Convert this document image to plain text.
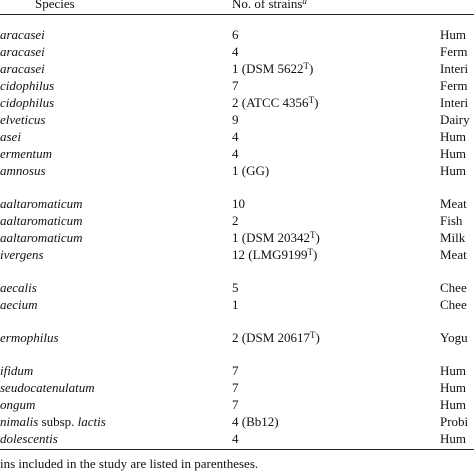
Species	No. of strains$^a$
aracasei	6	Hum
aracasei	4	Ferm
aracasei	1 (DSM $5622^T$)	Interi
cidophilus	7	Ferm
cidophilus	2 (ATCC $4356^T$)	Interi
elveticus	9	Dairy
asei	4	Hum
ermentum	4	Hum
amnosus	1 (GG)	Hum
aaltaromaticum	10	Meat
aaltaromaticum	2	Fish
aaltaromaticum	1 (DSM $20342^T$)	Milk
ivergens	12 $(LMG9199^T)$	Meat
aecalis	5	Chee
aecium	1	Chee
ermophilus	2 (DSM $20617^T$)	Yogu
ifidum	7	Hum
seudocatenulatum	7	Hum
ongum	7	Hum
nimalis subsp. lactis	4 (Bb12)	Probi
dolescentis	4	Hum
ins included in the study are listed in parentheses.
